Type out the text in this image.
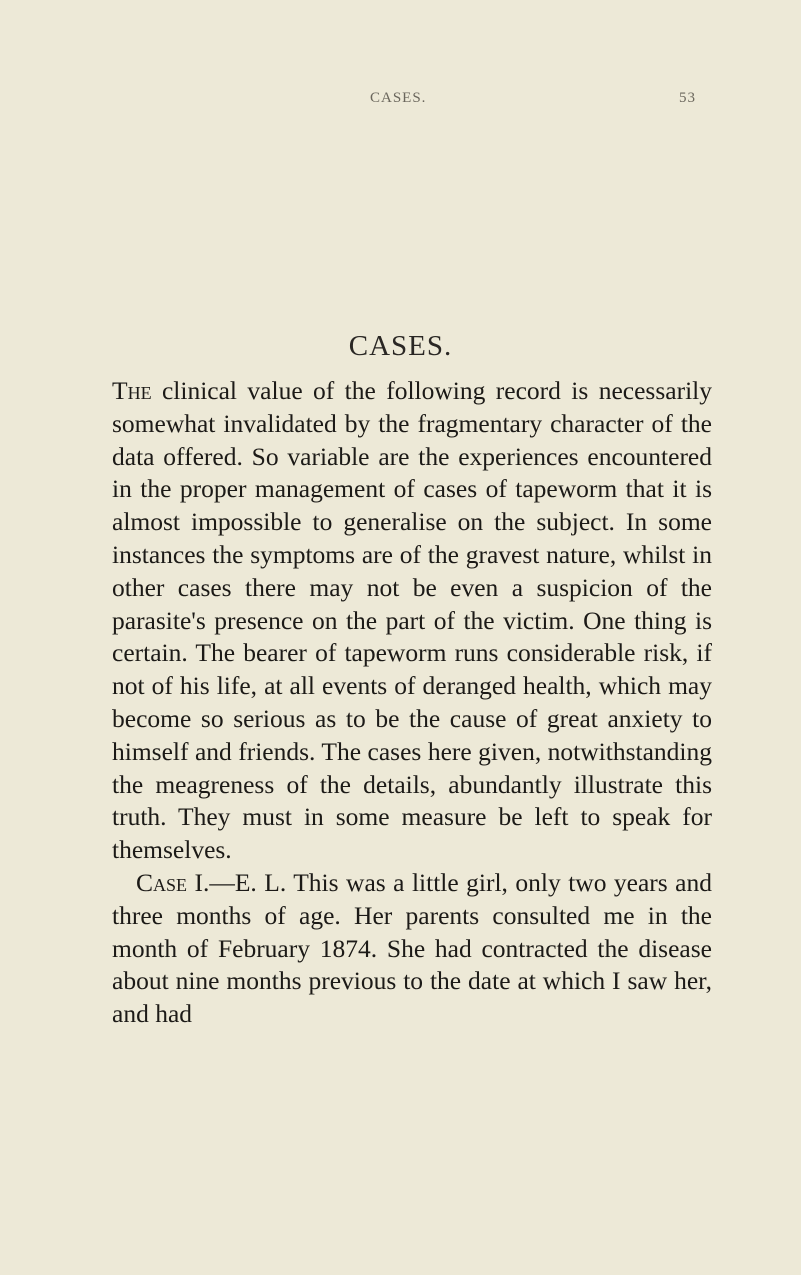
CASES.	53
CASES.

The clinical value of the following record is necessarily somewhat invalidated by the fragmentary character of the data offered. So variable are the experiences encountered in the proper management of cases of tapeworm that it is almost impossible to generalise on the subject. In some instances the symptoms are of the gravest nature, whilst in other cases there may not be even a suspicion of the parasite's presence on the part of the victim. One thing is certain. The bearer of tapeworm runs considerable risk, if not of his life, at all events of deranged health, which may become so serious as to be the cause of great anxiety to himself and friends. The cases here given, notwithstanding the meagreness of the details, abundantly illustrate this truth. They must in some measure be left to speak for themselves.

Case I.—E. L. This was a little girl, only two years and three months of age. Her parents consulted me in the month of February 1874. She had contracted the disease about nine months previous to the date at which I saw her, and had
